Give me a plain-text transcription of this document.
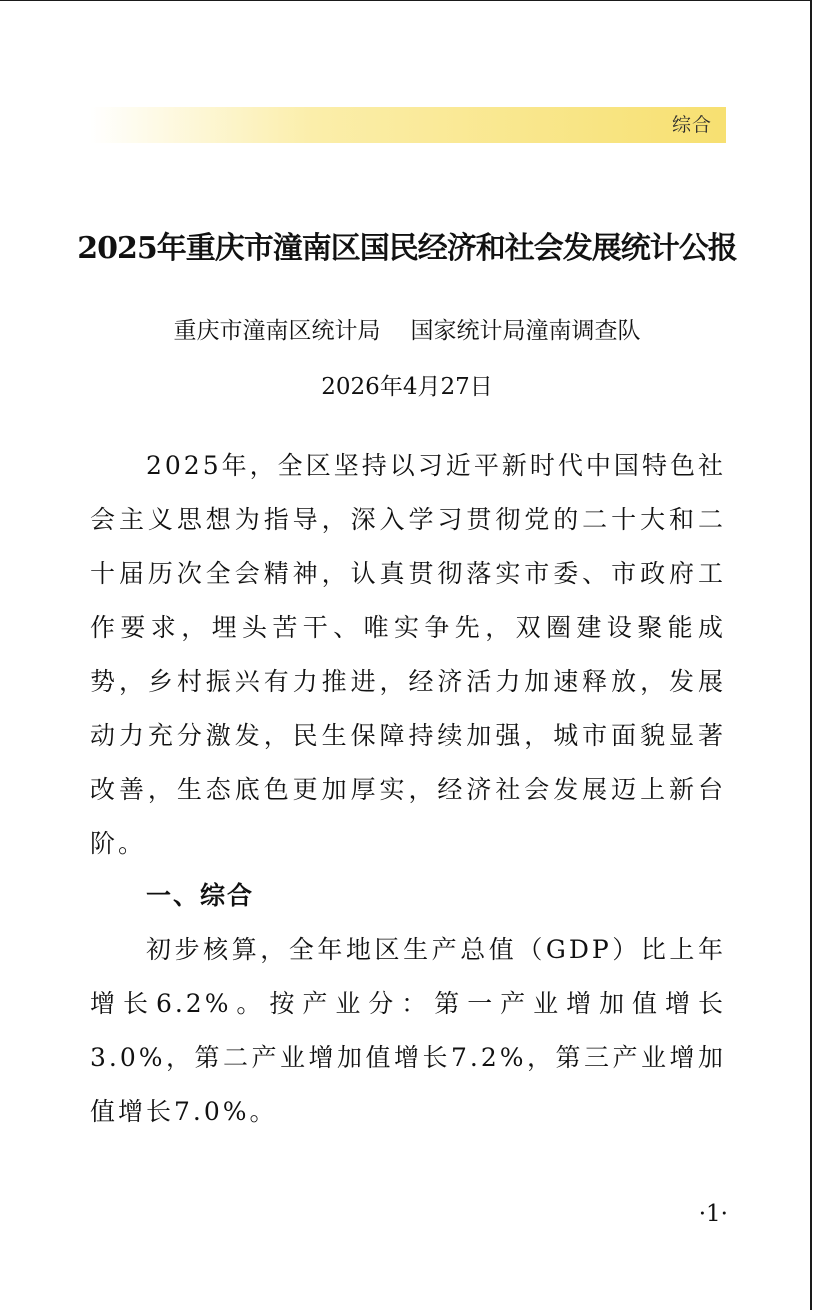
综合
2025年重庆市潼南区国民经济和社会发展统计公报
重庆市潼南区统计局 国家统计局潼南调查队
2026年4月27日
2025年，全区坚持以习近平新时代中国特色社会主义思想为指导，深入学习贯彻党的二十大和二十届历次全会精神，认真贯彻落实市委、市政府工作要求，埋头苦干、唯实争先，双圈建设聚能成势，乡村振兴有力推进，经济活力加速释放，发展动力充分激发，民生保障持续加强，城市面貌显著改善，生态底色更加厚实，经济社会发展迈上新台阶。
一、综合
初步核算，全年地区生产总值（GDP）比上年增长6.2%。按产业分：第一产业增加值增长3.0%，第二产业增加值增长7.2%，第三产业增加值增长7.0%。
·1·
